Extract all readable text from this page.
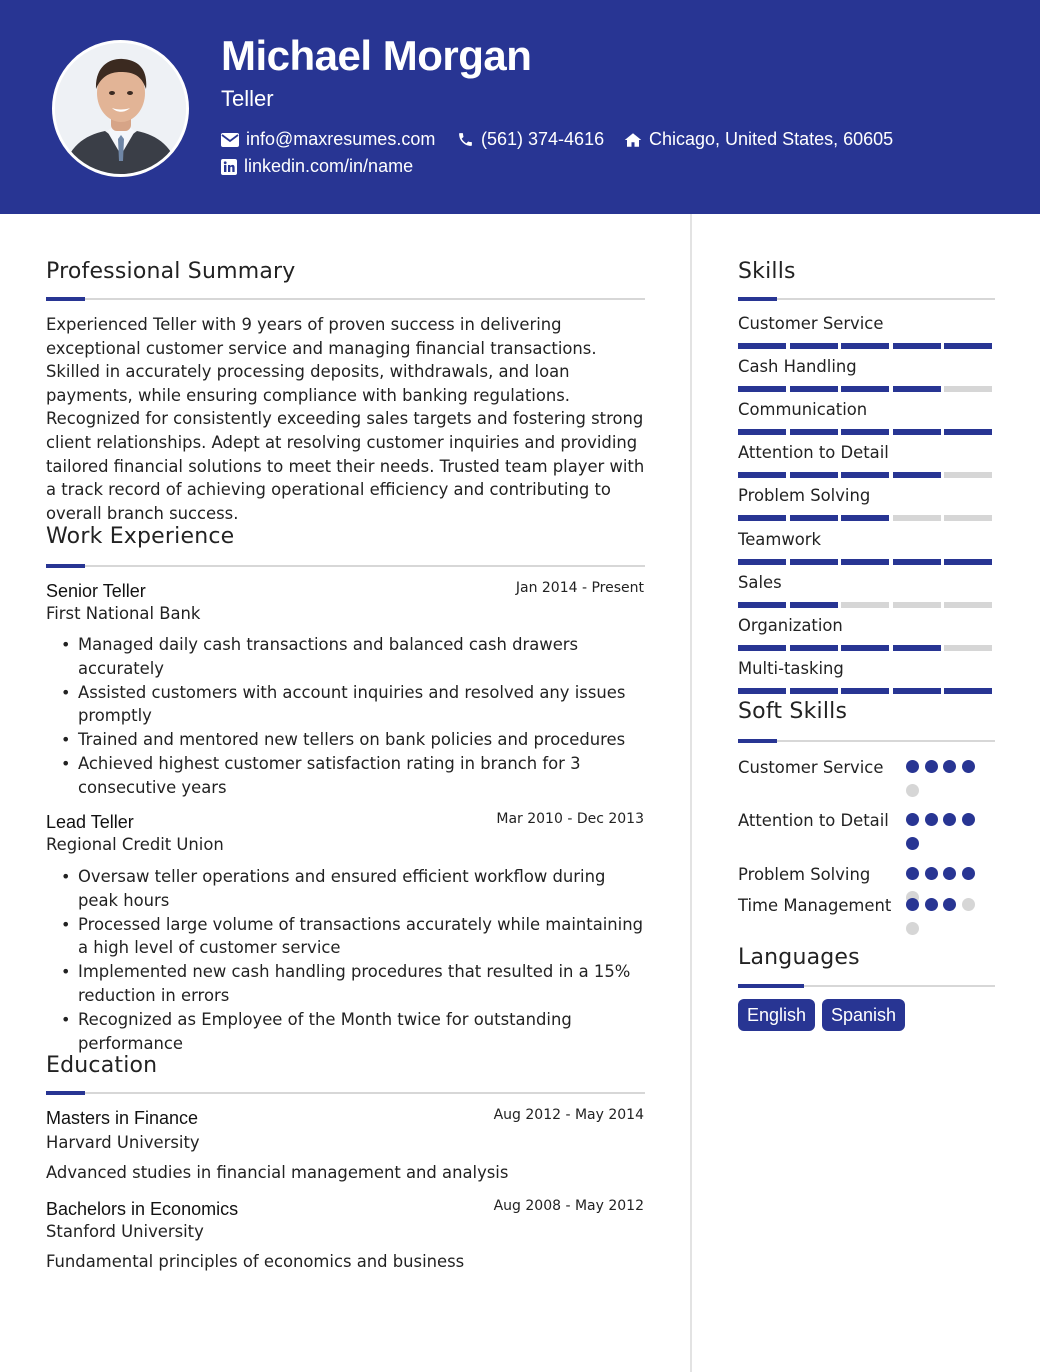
Michael Morgan
Teller
info@maxresumes.com	(561) 374-4616 Chicago, United States, 60605
linkedin.com/in/name
Professional Summary
Experienced Teller with 9 years of proven success in delivering exceptional customer service and managing financial transactions. Skilled in accurately processing deposits, withdrawals, and loan payments, while ensuring compliance with banking regulations. Recognized for consistently exceeding sales targets and fostering strong client relationships. Adept at resolving customer inquiries and providing tailored financial solutions to meet their needs. Trusted team player with a track record of achieving operational efficiency and contributing to overall branch success.
Work Experience
Senior Teller	Jan 2014 - Present
First National Bank
• Managed daily cash transactions and balanced cash drawers accurately
• Assisted customers with account inquiries and resolved any issues promptly
• Trained and mentored new tellers on bank policies and procedures
• Achieved highest customer satisfaction rating in branch for 3 consecutive years
Lead Teller	Mar 2010 - Dec 2013
Regional Credit Union
• Oversaw teller operations and ensured efficient workflow during peak hours
• Processed large volume of transactions accurately while maintaining a high level of customer service
• Implemented new cash handling procedures that resulted in a 15% reduction in errors
• Recognized as Employee of the Month twice for outstanding performance
Education
Masters in Finance	Aug 2012 - May 2014
Harvard University
Advanced studies in financial management and analysis
Bachelors in Economics	Aug 2008 - May 2012
Stanford University
Fundamental principles of economics and business
Skills
Customer Service
Cash Handling
Communication
Attention to Detail
Problem Solving
Teamwork
Sales
Organization
Multi-tasking
Soft Skills
Customer Service
Attention to Detail
Problem Solving
Time Management
Languages
English	Spanish
